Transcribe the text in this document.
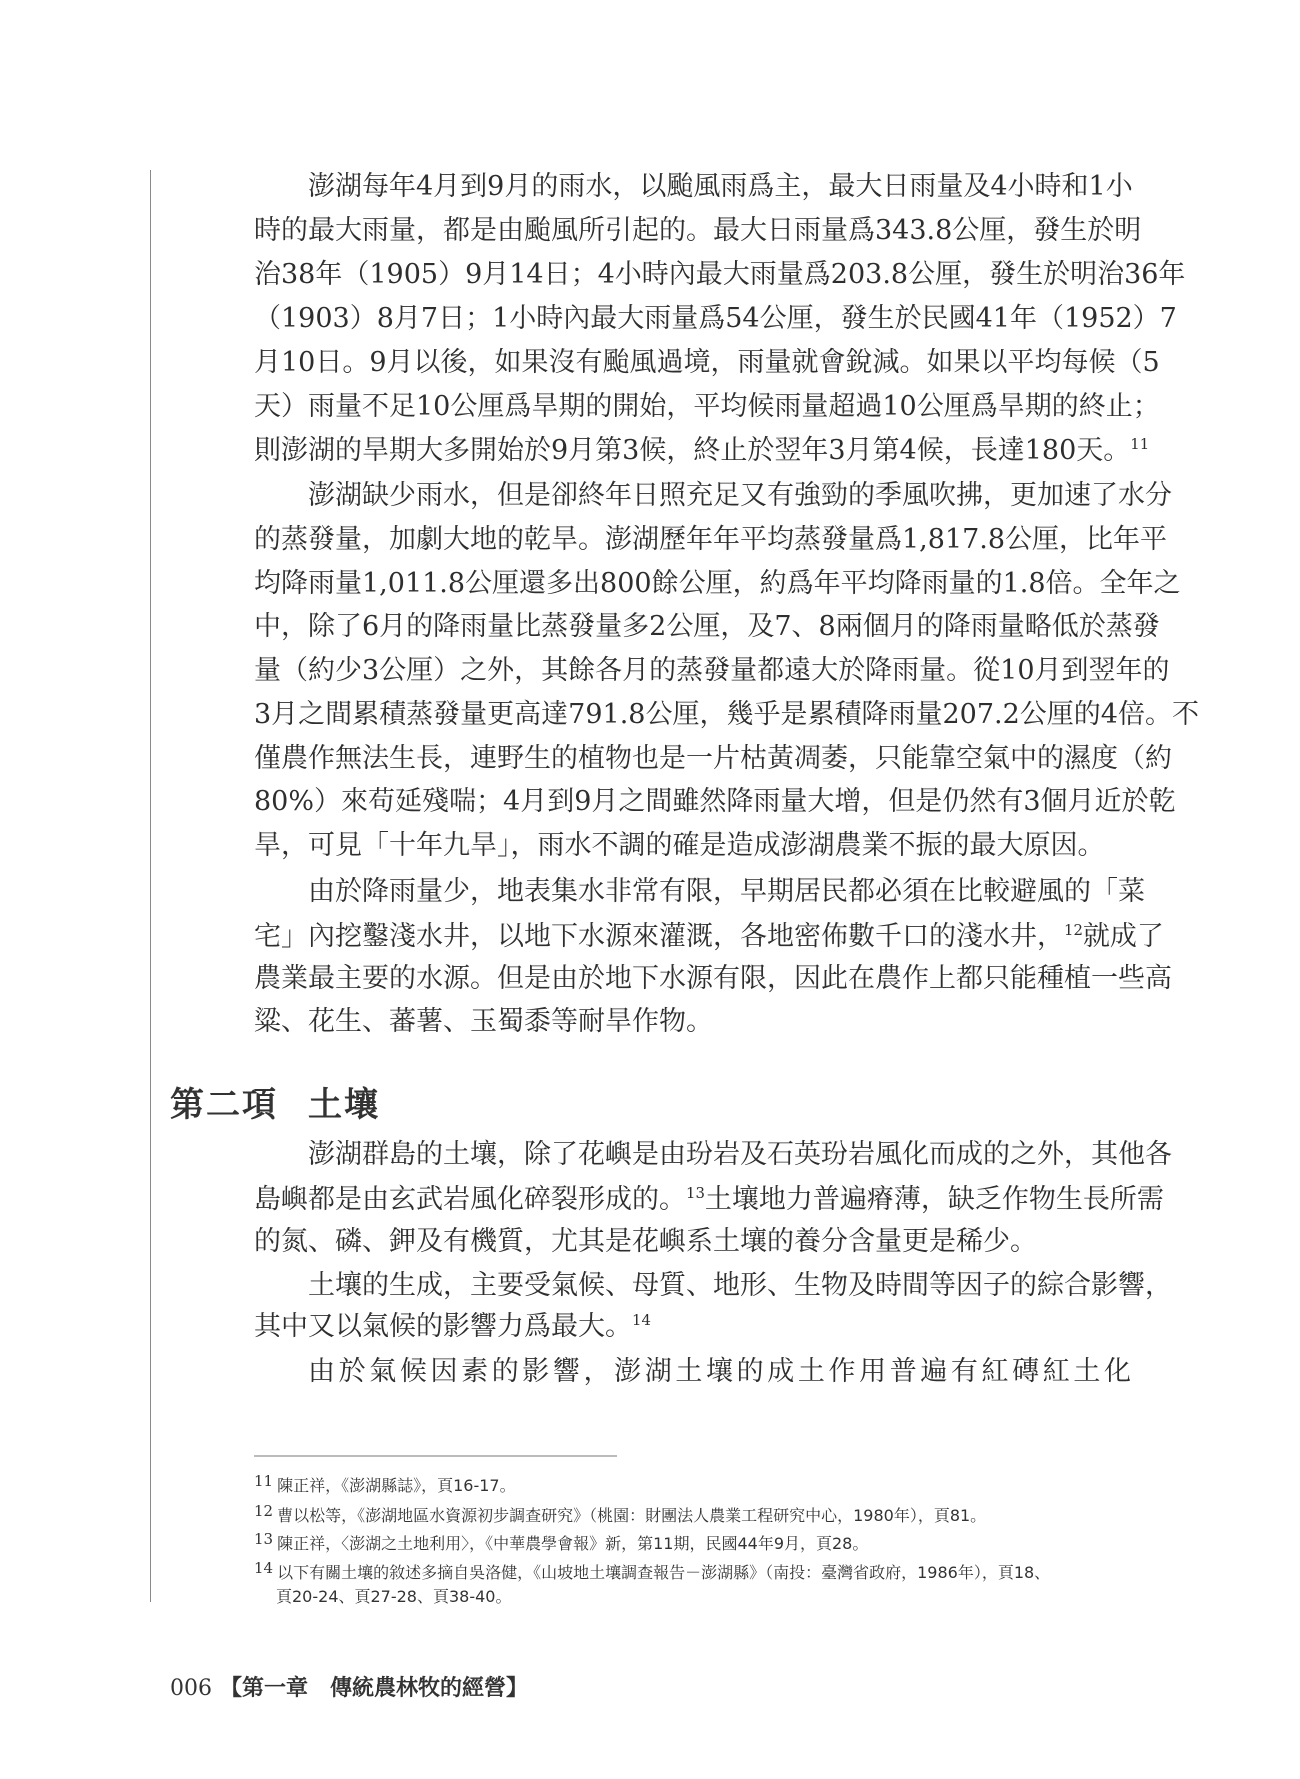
澎湖每年4月到9月的雨水，以颱風雨爲主，最大日雨量及4小時和1小
時的最大雨量，都是由颱風所引起的。最大日雨量爲343.8公厘，發生於明
治38年（1905）9月14日；4小時內最大雨量爲203.8公厘，發生於明治36年
（1903）8月7日；1小時內最大雨量爲54公厘，發生於民國41年（1952）7
月10日。9月以後，如果沒有颱風過境，雨量就會銳減。如果以平均每候（5
天）雨量不足10公厘爲旱期的開始，平均候雨量超過10公厘爲旱期的終止；
則澎湖的旱期大多開始於9月第3候，終止於翌年3月第4候，長達180天。$^{11}$
澎湖缺少雨水，但是卻終年日照充足又有強勁的季風吹拂，更加速了水分
的蒸發量，加劇大地的乾旱。澎湖歷年年平均蒸發量爲1,817.8公厘，比年平
均降雨量1,011.8公厘還多出800餘公厘，約爲年平均降雨量的1.8倍。全年之
中，除了6月的降雨量比蒸發量多2公厘，及7、8兩個月的降雨量略低於蒸發
量（約少3公厘）之外，其餘各月的蒸發量都遠大於降雨量。從10月到翌年的
3月之間累積蒸發量更高達791.8公厘，幾乎是累積降雨量207.2公厘的4倍。不
僅農作無法生長，連野生的植物也是一片枯黃凋萎，只能靠空氣中的濕度（約
80%）來苟延殘喘；4月到9月之間雖然降雨量大增，但是仍然有3個月近於乾
旱，可見「十年九旱」，雨水不調的確是造成澎湖農業不振的最大原因。
由於降雨量少，地表集水非常有限，早期居民都必須在比較避風的「菜
宅」內挖鑿淺水井，以地下水源來灌溉，各地密佈數千口的淺水井，$^{12}$就成了
農業最主要的水源。但是由於地下水源有限，因此在農作上都只能種植一些高
粱、花生、蕃薯、玉蜀黍等耐旱作物。
澎湖群島的土壤，除了花嶼是由玢岩及石英玢岩風化而成的之外，其他各
島嶼都是由玄武岩風化碎裂形成的。$^{13}$土壤地力普遍瘠薄，缺乏作物生長所需
的氮、磷、鉀及有機質，尤其是花嶼系土壤的養分含量更是稀少。
土壤的生成，主要受氣候、母質、地形、生物及時間等因子的綜合影響，
其中又以氣候的影響力爲最大。$^{14}$
由於氣候因素的影響，澎湖土壤的成土作用普遍有紅磚紅土化
第二項 土壤
11 陳正祥，《澎湖縣誌》，頁16-17。
12 曹以松等，《澎湖地區水資源初步調查研究》（桃園：財團法人農業工程研究中心，1980年），頁81。
13 陳正祥，〈澎湖之土地利用〉，《中華農學會報》新，第11期，民國44年9月，頁28。
14 以下有關土壤的敘述多摘自吳洛健，《山坡地土壤調查報告－澎湖縣》（南投：臺灣省政府，1986年），頁18、
頁20-24、頁27-28、頁38-40。
006 【第一章　傳統農林牧的經營】
